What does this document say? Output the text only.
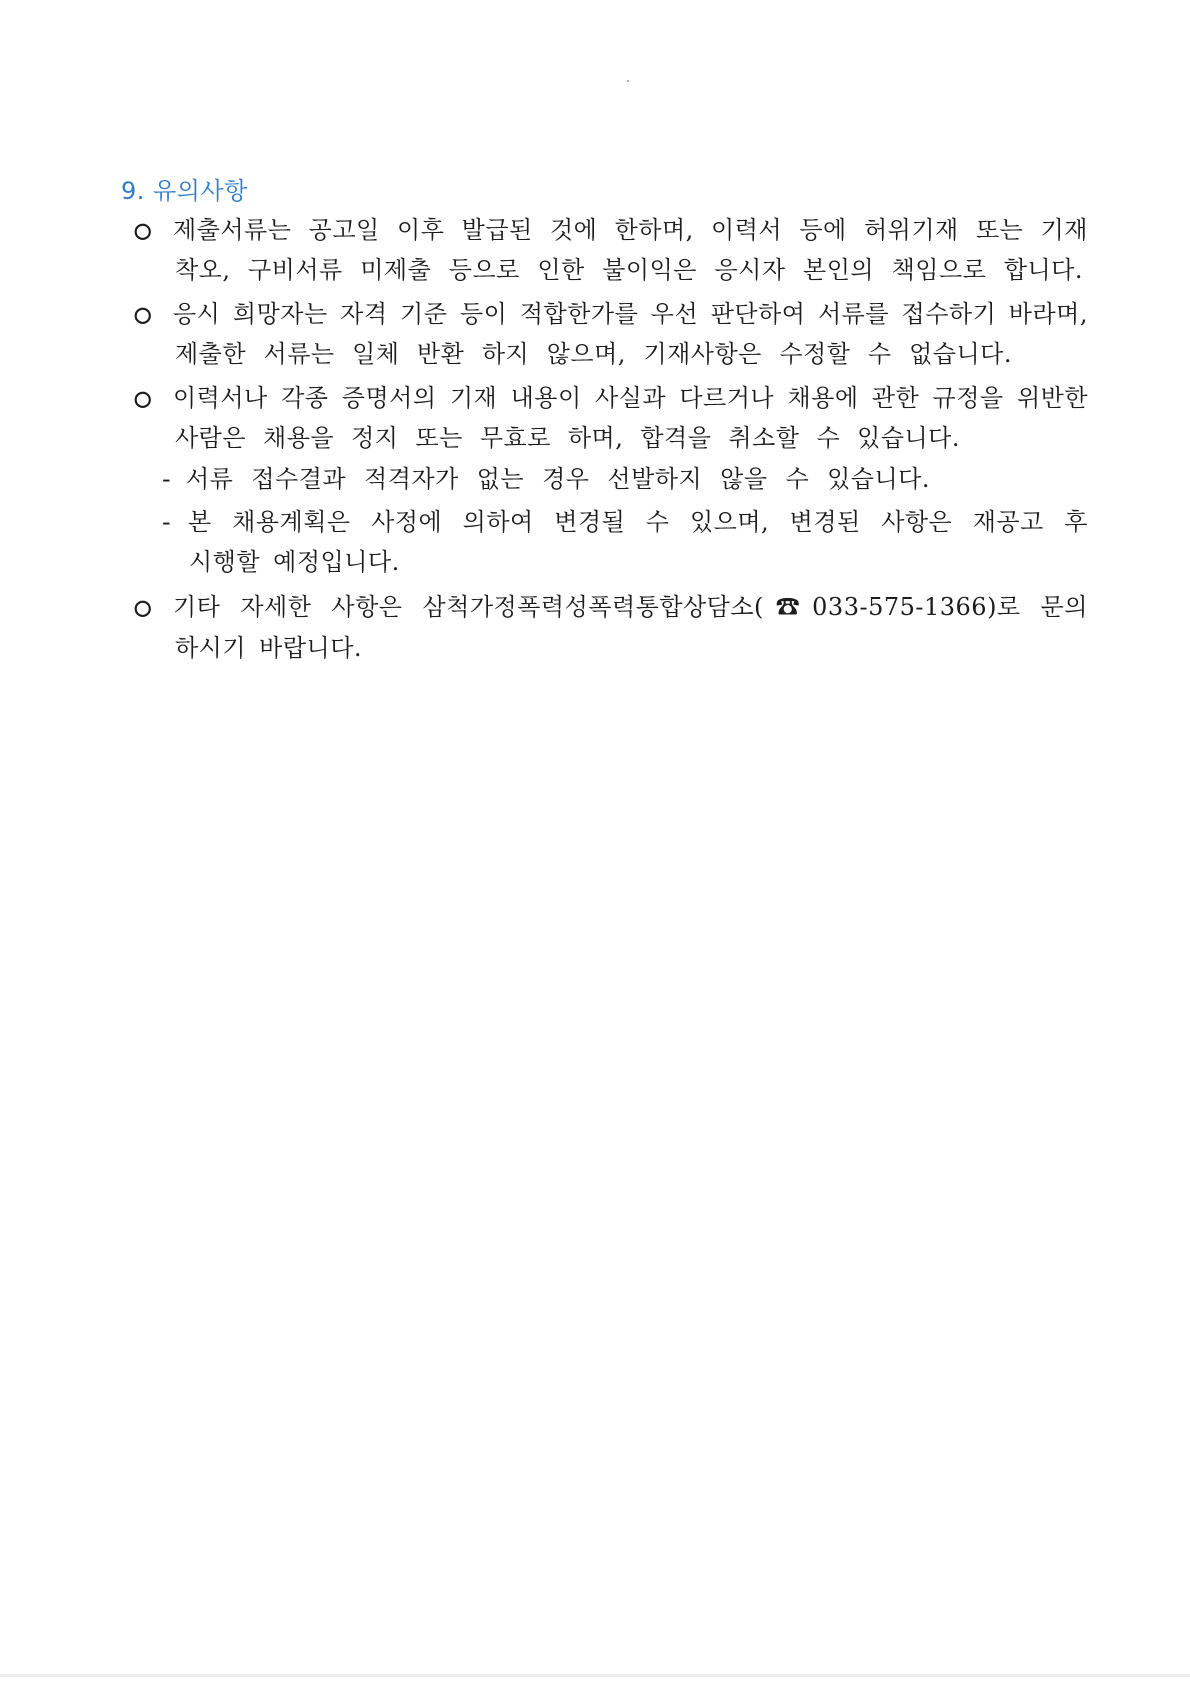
9. 유의사항
○ 제출서류는 공고일 이후 발급된 것에 한하며, 이력서 등에 허위기재 또는 기재
착오, 구비서류 미제출 등으로 인한 불이익은 응시자 본인의 책임으로 합니다.
○ 응시 희망자는 자격 기준 등이 적합한가를 우선 판단하여 서류를 접수하기 바라며,
제출한 서류는 일체 반환 하지 않으며, 기재사항은 수정할 수 없습니다.
○ 이력서나 각종 증명서의 기재 내용이 사실과 다르거나 채용에 관한 규정을 위반한
사람은 채용을 정지 또는 무효로 하며, 합격을 취소할 수 있습니다.
- 서류 접수결과 적격자가 없는 경우 선발하지 않을 수 있습니다.
- 본 채용계획은 사정에 의하여 변경될 수 있으며, 변경된 사항은 재공고 후
시행할 예정입니다.
○ 기타 자세한 사항은 삼척가정폭력성폭력통합상담소(☎033-575-1366)로 문의
하시기 바랍니다.
